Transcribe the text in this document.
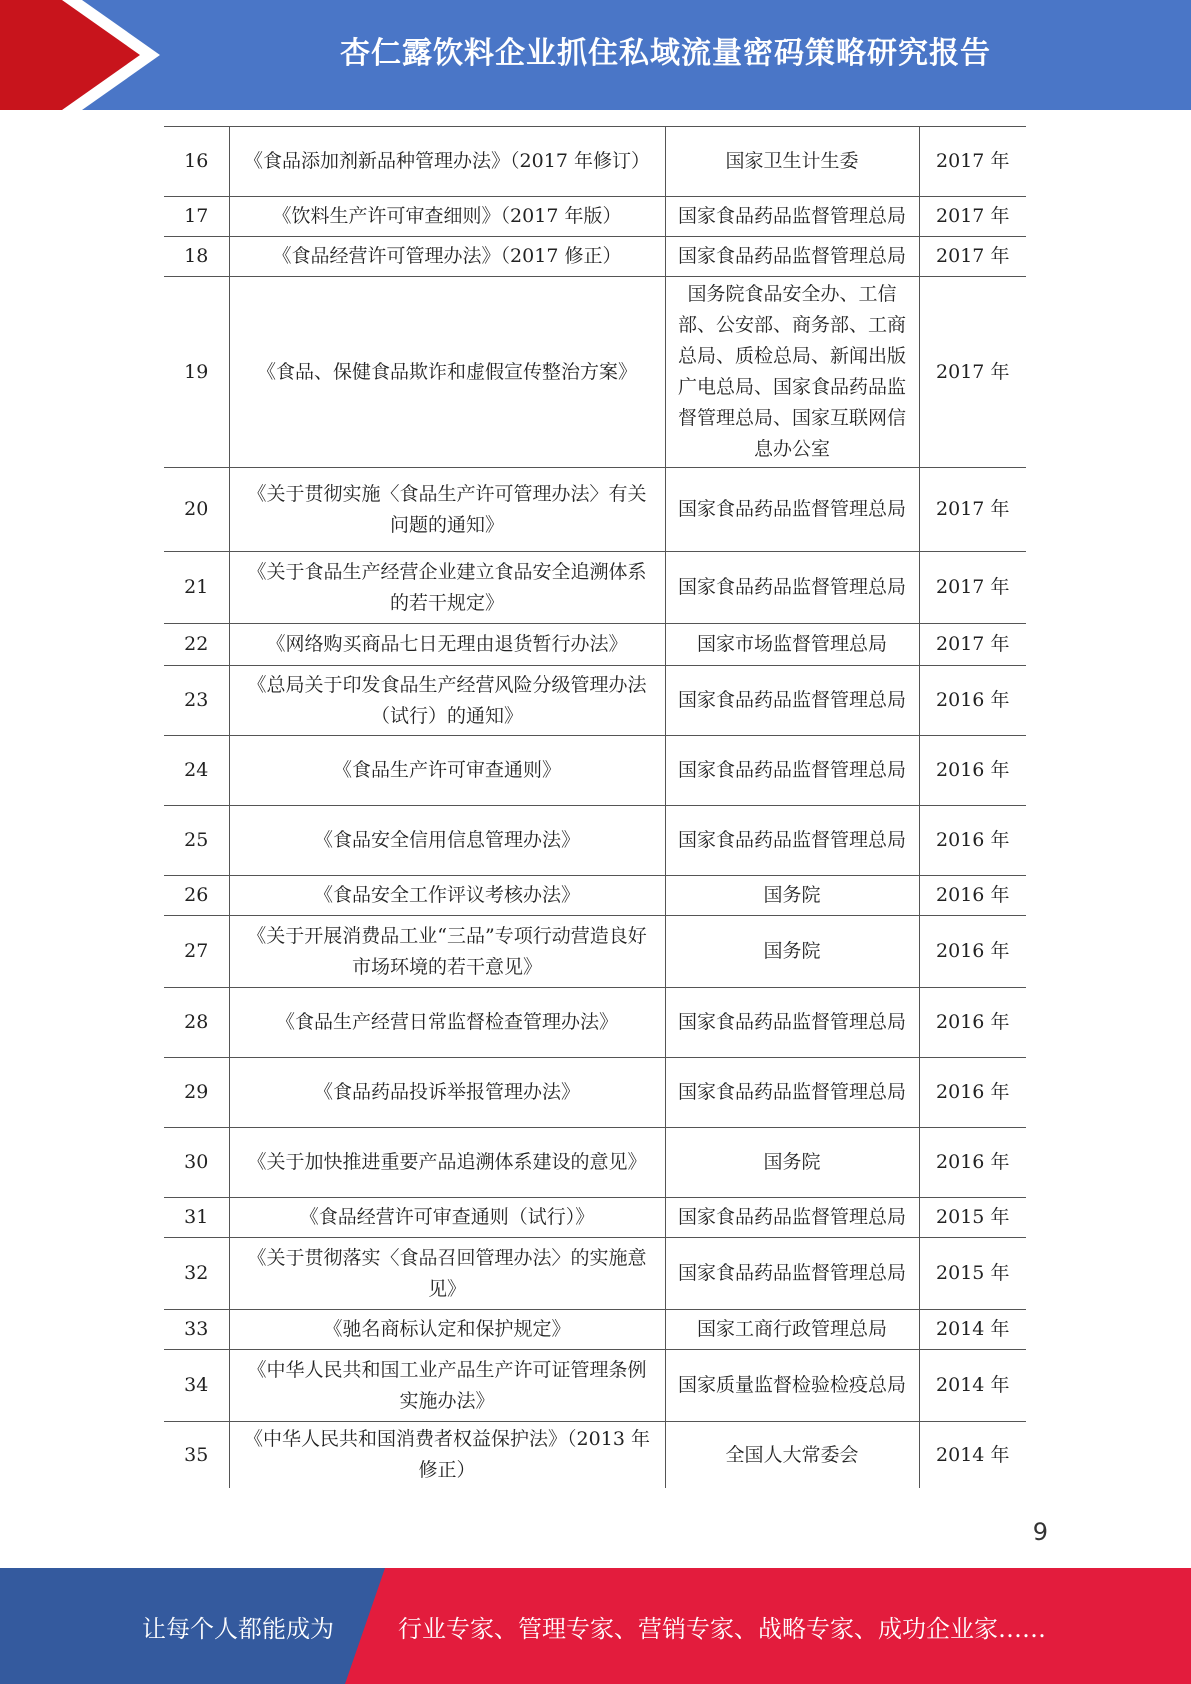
杏仁露饮料企业抓住私域流量密码策略研究报告
16	《食品添加剂新品种管理办法》（2017 年修订）	国家卫生计生委	2017 年
17	《饮料生产许可审查细则》（2017 年版）	国家食品药品监督管理总局	2017 年
18	《食品经营许可管理办法》（2017 修正）	国家食品药品监督管理总局	2017 年
19	《食品、保健食品欺诈和虚假宣传整治方案》	国务院食品安全办、工信部、公安部、商务部、工商总局、质检总局、新闻出版广电总局、国家食品药品监督管理总局、国家互联网信息办公室	2017 年
20	《关于贯彻实施〈食品生产许可管理办法〉有关问题的通知》	国家食品药品监督管理总局	2017 年
21	《关于食品生产经营企业建立食品安全追溯体系的若干规定》	国家食品药品监督管理总局	2017 年
22	《网络购买商品七日无理由退货暂行办法》	国家市场监督管理总局	2017 年
23	《总局关于印发食品生产经营风险分级管理办法（试行）的通知》	国家食品药品监督管理总局	2016 年
24	《食品生产许可审查通则》	国家食品药品监督管理总局	2016 年
25	《食品安全信用信息管理办法》	国家食品药品监督管理总局	2016 年
26	《食品安全工作评议考核办法》	国务院	2016 年
27	《关于开展消费品工业“三品”专项行动营造良好市场环境的若干意见》	国务院	2016 年
28	《食品生产经营日常监督检查管理办法》	国家食品药品监督管理总局	2016 年
29	《食品药品投诉举报管理办法》	国家食品药品监督管理总局	2016 年
30	《关于加快推进重要产品追溯体系建设的意见》	国务院	2016 年
31	《食品经营许可审查通则（试行）》	国家食品药品监督管理总局	2015 年
32	《关于贯彻落实〈食品召回管理办法〉的实施意见》	国家食品药品监督管理总局	2015 年
33	《驰名商标认定和保护规定》	国家工商行政管理总局	2014 年
34	《中华人民共和国工业产品生产许可证管理条例实施办法》	国家质量监督检验检疫总局	2014 年
35	《中华人民共和国消费者权益保护法》（2013 年修正）	全国人大常委会	2014 年
9
让每个人都能成为	行业专家、管理专家、营销专家、战略专家、成功企业家……
